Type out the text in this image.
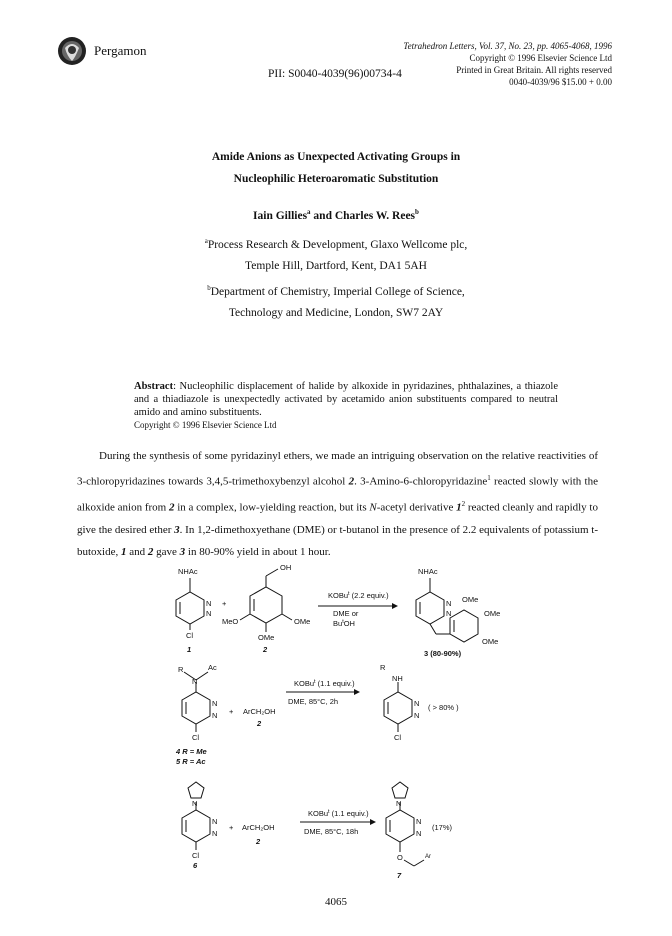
Pergamon	Tetrahedron Letters, Vol. 37, No. 23, pp. 4065-4068, 1996
Copyright © 1996 Elsevier Science Ltd
Printed in Great Britain. All rights reserved
0040-4039/96 $15.00 + 0.00
PII: S0040-4039(96)00734-4
Amide Anions as Unexpected Activating Groups in
Nucleophilic Heteroaromatic Substitution
Iain Gillies$^a$ and Charles W. Rees$^b$
$^a$Process Research & Development, Glaxo Wellcome plc,
Temple Hill, Dartford, Kent, DA1 5AH
$^b$Department of Chemistry, Imperial College of Science,
Technology and Medicine, London, SW7 2AY
Abstract: Nucleophilic displacement of halide by alkoxide in pyridazines, phthalazines, a thiazole and a thiadiazole is unexpectedly activated by acetamido anion substituents compared to neutral amido and amino substituents.
Copyright © 1996 Elsevier Science Ltd

During the synthesis of some pyridazinyl ethers, we made an intriguing observation on the relative reactivities of 3-chloropyridazines towards 3,4,5-trimethoxybenzyl alcohol 2. 3-Amino-6-chloropyridazine$^1$ reacted slowly with the alkoxide anion from 2 in a complex, low-yielding reaction, but its N-acetyl derivative $1^2$ reacted cleanly and rapidly to give the desired ether 3. In 1,2-dimethoxyethane (DME) or t-butanol in the presence of 2.2 equivalents of potassium t-butoxide, 1 and 2 gave 3 in 80-90% yield in about 1 hour.

NHAc
N
N
Cl
1
+
OH
MeO	OMe
OMe
2
KOBu$^t$ (2.2 equiv.)
DME or
Bu$^t$OH
NHAc
N
N
OMe
OMe
OMe
3 (80-90%)
R
N
Ac
N
N
Cl
+ ArCH₂OH
2
KOBu$^t$ (1.1 equiv.)
DME, 85°C, 2h
R
NH
N
N
Cl
( > 80% )
4 R = Me
5 R = Ac
N
N
N
Cl
6
+ ArCH₂OH
2
KOBu$^t$ (1.1 equiv.)
DME, 85°C, 18h
N
N
N
O	Ar
7
(17%)
4065
